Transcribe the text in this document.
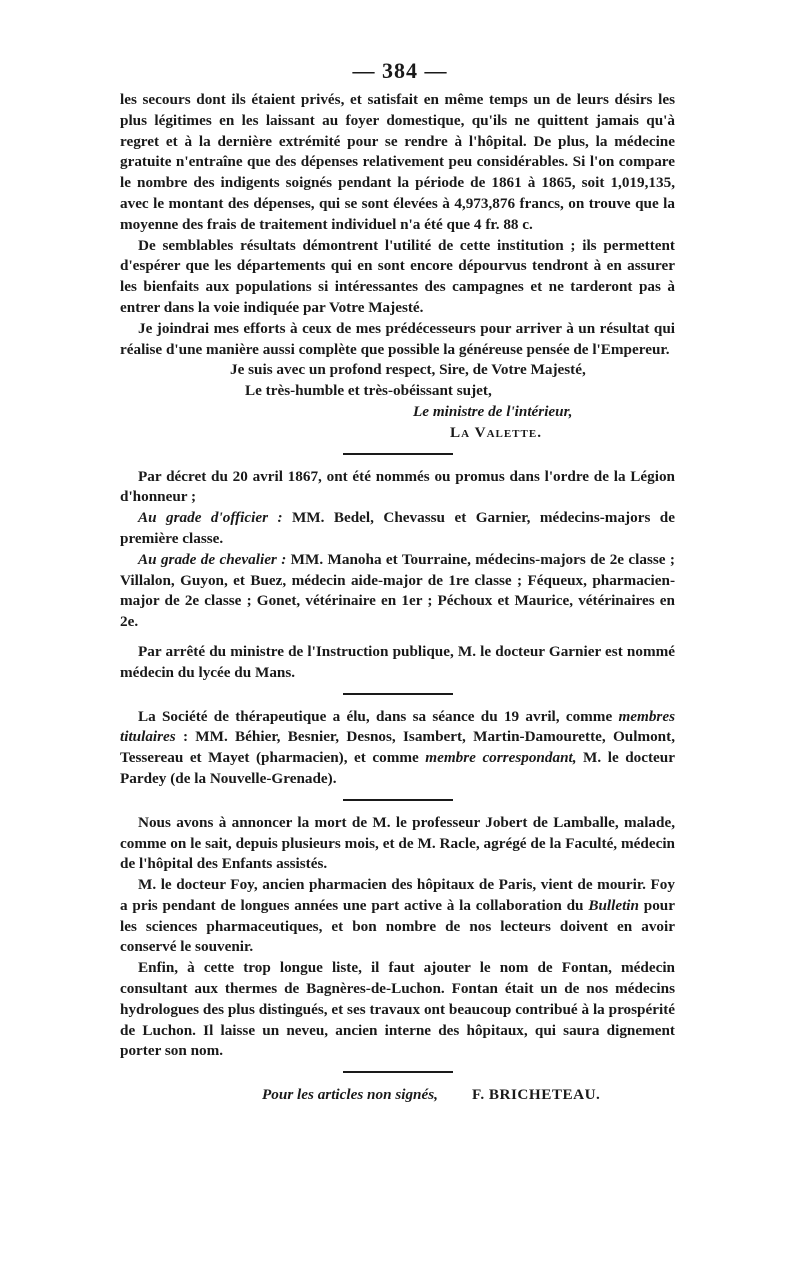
— 384 —

les secours dont ils étaient privés, et satisfait en même temps un de leurs désirs les plus légitimes en les laissant au foyer domestique, qu'ils ne quittent jamais qu'à regret et à la dernière extrémité pour se rendre à l'hôpital. De plus, la médecine gratuite n'entraîne que des dépenses relativement peu considérables. Si l'on compare le nombre des indigents soignés pendant la période de 1861 à 1865, soit 1,019,135, avec le montant des dépenses, qui se sont élevées à 4,973,876 francs, on trouve que la moyenne des frais de traitement individuel n'a été que 4 fr. 88 c.

De semblables résultats démontrent l'utilité de cette institution ; ils permettent d'espérer que les départements qui en sont encore dépourvus tendront à en assurer les bienfaits aux populations si intéressantes des campagnes et ne tarderont pas à entrer dans la voie indiquée par Votre Majesté.

Je joindrai mes efforts à ceux de mes prédécesseurs pour arriver à un résultat qui réalise d'une manière aussi complète que possible la généreuse pensée de l'Empereur.

Je suis avec un profond respect, Sire, de Votre Majesté,

Le très-humble et très-obéissant sujet,

Le ministre de l'intérieur,

La Valette.

Par décret du 20 avril 1867, ont été nommés ou promus dans l'ordre de la Légion d'honneur ;

Au grade d'officier : MM. Bedel, Chevassu et Garnier, médecins-majors de première classe.

Au grade de chevalier : MM. Manoha et Tourraine, médecins-majors de 2e classe ; Villalon, Guyon, et Buez, médecin aide-major de 1re classe ; Féqueux, pharmacien-major de 2e classe ; Gonet, vétérinaire en 1er ; Péchoux et Maurice, vétérinaires en 2e.

Par arrêté du ministre de l'Instruction publique, M. le docteur Garnier est nommé médecin du lycée du Mans.

La Société de thérapeutique a élu, dans sa séance du 19 avril, comme membres titulaires : MM. Béhier, Besnier, Desnos, Isambert, Martin-Damourette, Oulmont, Tessereau et Mayet (pharmacien), et comme membre correspondant, M. le docteur Pardey (de la Nouvelle-Grenade).

Nous avons à annoncer la mort de M. le professeur Jobert de Lamballe, malade, comme on le sait, depuis plusieurs mois, et de M. Racle, agrégé de la Faculté, médecin de l'hôpital des Enfants assistés.

M. le docteur Foy, ancien pharmacien des hôpitaux de Paris, vient de mourir. Foy a pris pendant de longues années une part active à la collaboration du Bulletin pour les sciences pharmaceutiques, et bon nombre de nos lecteurs doivent en avoir conservé le souvenir.

Enfin, à cette trop longue liste, il faut ajouter le nom de Fontan, médecin consultant aux thermes de Bagnères-de-Luchon. Fontan était un de nos médecins hydrologues des plus distingués, et ses travaux ont beaucoup contribué à la prospérité de Luchon. Il laisse un neveu, ancien interne des hôpitaux, qui saura dignement porter son nom.

Pour les articles non signés, F. BRICHETEAU.
